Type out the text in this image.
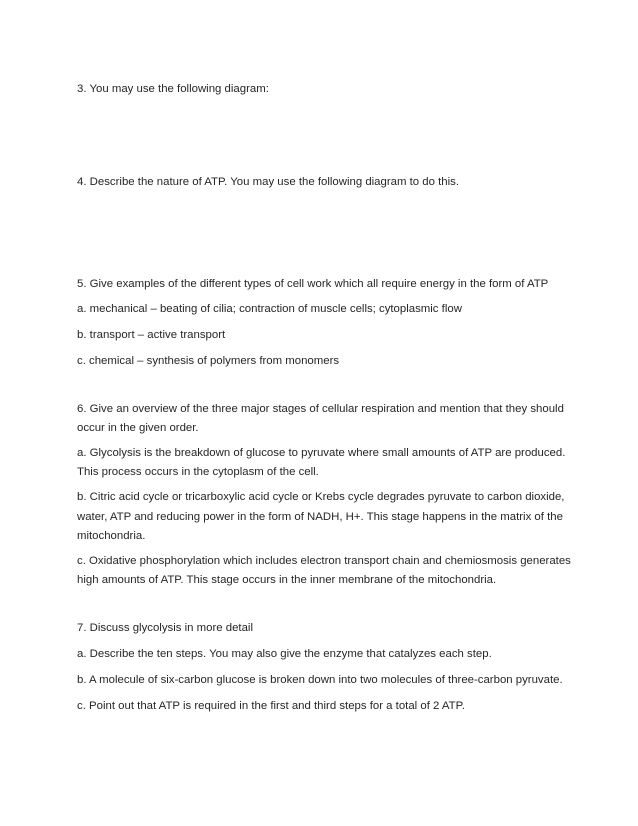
3. You may use the following diagram:
4. Describe the nature of ATP. You may use the following diagram to do this.
5. Give examples of the different types of cell work which all require energy in the form of ATP
a. mechanical – beating of cilia; contraction of muscle cells; cytoplasmic flow
b. transport – active transport
c. chemical – synthesis of polymers from monomers
6. Give an overview of the three major stages of cellular respiration and mention that they should
occur in the given order.
a. Glycolysis is the breakdown of glucose to pyruvate where small amounts of ATP are produced.
This process occurs in the cytoplasm of the cell.
b. Citric acid cycle or tricarboxylic acid cycle or Krebs cycle degrades pyruvate to carbon dioxide,
water, ATP and reducing power in the form of NADH, H+. This stage happens in the matrix of the
mitochondria.
c. Oxidative phosphorylation which includes electron transport chain and chemiosmosis generates
high amounts of ATP. This stage occurs in the inner membrane of the mitochondria.
7. Discuss glycolysis in more detail
a. Describe the ten steps. You may also give the enzyme that catalyzes each step.
b. A molecule of six-carbon glucose is broken down into two molecules of three-carbon pyruvate.
c. Point out that ATP is required in the first and third steps for a total of 2 ATP.
